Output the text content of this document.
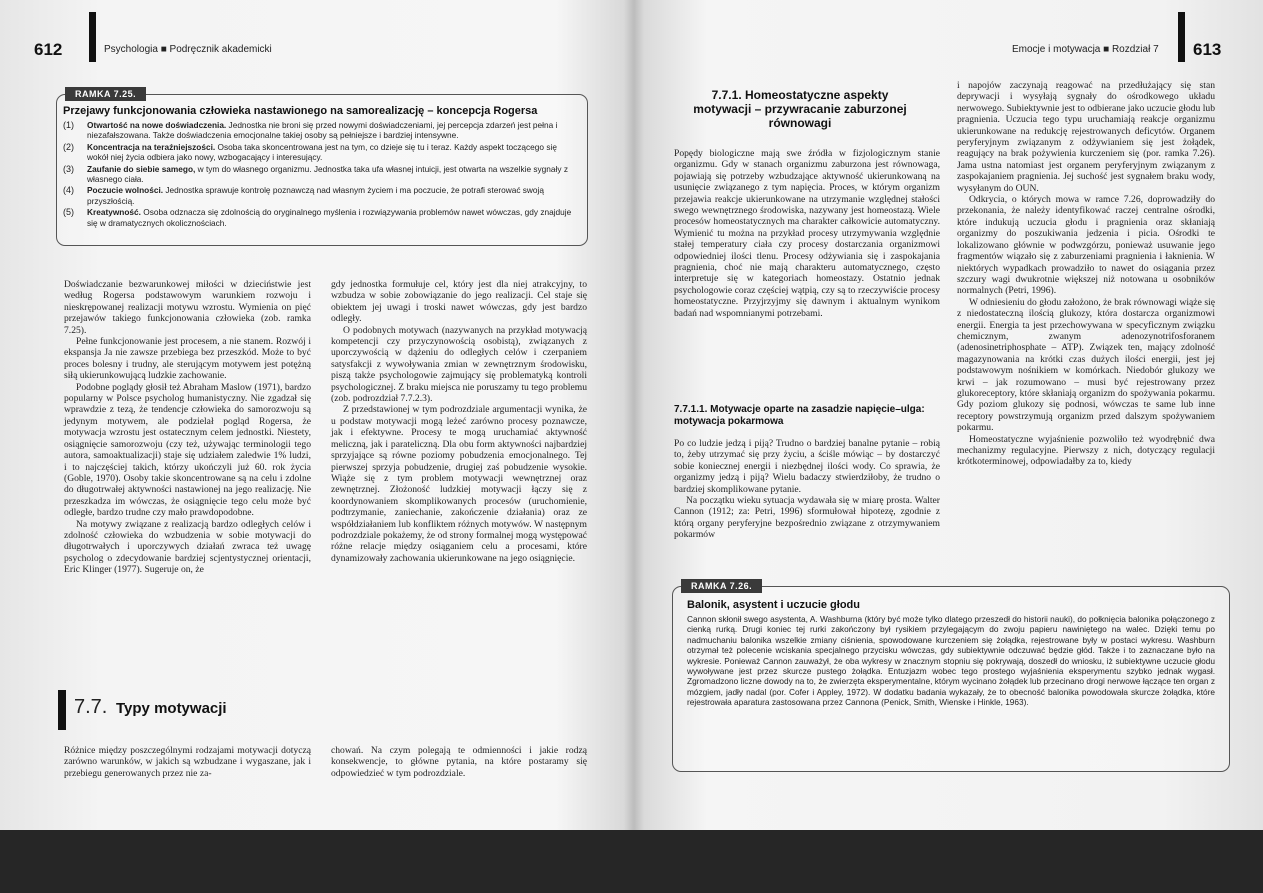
612	Psychologia ■ Podręcznik akademicki
RAMKA 7.25.
Przejawy funkcjonowania człowieka nastawionego na samorealizację – koncepcja Rogersa
(1) Otwartość na nowe doświadczenia. Jednostka nie broni się przed nowymi doświadczeniami, jej percepcja zdarzeń jest pełna i niezafałszowana. Także doświadczenia emocjonalne takiej osoby są pełniejsze i bardziej intensywne.
(2) Koncentracja na teraźniejszości. Osoba taka skoncentrowana jest na tym, co dzieje się tu i teraz. Każdy aspekt toczącego się wokół niej życia odbiera jako nowy, wzbogacający i interesujący.
(3) Zaufanie do siebie samego, w tym do własnego organizmu. Jednostka taka ufa własnej intuicji, jest otwarta na wszelkie sygnały z własnego ciała.
(4) Poczucie wolności. Jednostka sprawuje kontrolę poznawczą nad własnym życiem i ma poczucie, że potrafi sterować swoją przyszłością.
(5) Kreatywność. Osoba odznacza się zdolnością do oryginalnego myślenia i rozwiązywania problemów nawet wówczas, gdy znajduje się w dramatycznych okolicznościach.

Doświadczanie bezwarunkowej miłości w dzieciństwie jest według Rogersa podstawowym warunkiem rozwoju i nieskrępowanej realizacji motywu wzrostu. Wymienia on pięć przejawów takiego funkcjonowania człowieka (zob. ramka 7.25).

Pełne funkcjonowanie jest procesem, a nie stanem. Rozwój i ekspansja Ja nie zawsze przebiega bez przeszkód. Może to być proces bolesny i trudny, ale sterującym motywem jest potężną siłą ukierunkowującą ludzkie zachowanie.

Podobne poglądy głosił też Abraham Maslow (1971), bardzo popularny w Polsce psycholog humanistyczny. Nie zgadzał się wprawdzie z tezą, że tendencje człowieka do samorozwoju są jedynym motywem, ale podzielał pogląd Rogersa, że motywacja wzrostu jest ostatecznym celem jednostki. Niestety, osiągnięcie samorozwoju (czy też, używając terminologii tego autora, samoaktualizacji) staje się udziałem zaledwie 1% ludzi, i to najczęściej takich, którzy ukończyli już 60. rok życia (Goble, 1970). Osoby takie skoncentrowane są na celu i zdolne do długotrwałej aktywności nastawionej na jego realizację. Nie przeszkadza im wówczas, że osiągnięcie tego celu może być odległe, bardzo trudne czy mało prawdopodobne.

Na motywy związane z realizacją bardzo odległych celów i zdolność człowieka do wzbudzenia w sobie motywacji do długotrwałych i uporczywych działań zwraca też uwagę psycholog o zdecydowanie bardziej scjentystycznej orientacji, Eric Klinger (1977). Sugeruje on, że

gdy jednostka formułuje cel, który jest dla niej atrakcyjny, to wzbudza w sobie zobowiązanie do jego realizacji. Cel staje się obiektem jej uwagi i troski nawet wówczas, gdy jest bardzo odległy.

O podobnych motywach (nazywanych na przykład motywacją kompetencji czy przyczynowością osobistą), związanych z uporczywością w dążeniu do odległych celów i czerpaniem satysfakcji z wywoływania zmian w zewnętrznym środowisku, piszą także psychologowie zajmujący się problematyką kontroli psychologicznej. Z braku miejsca nie poruszamy tu tego problemu (zob. podrozdział 7.7.2.3).

Z przedstawionej w tym podrozdziale argumentacji wynika, że u podstaw motywacji mogą leżeć zarówno procesy poznawcze, jak i efektywne. Procesy te mogą uruchamiać aktywność meliczną, jak i parateliczną. Dla obu form aktywności najbardziej sprzyjające są równe poziomy pobudzenia emocjonalnego. Tej pierwszej sprzyja pobudzenie, drugiej zaś pobudzenie wysokie. Wiąże się z tym problem motywacji wewnętrznej oraz zewnętrznej. Złożoność ludzkiej motywacji łączy się z koordynowaniem skomplikowanych procesów (uruchomienie, podtrzymanie, zaniechanie, zakończenie działania) oraz ze współdziałaniem lub konfliktem różnych motywów. W następnym podrozdziale pokażemy, że od strony formalnej mogą występować różne relacje między osiąganiem celu a procesami, które dynamizowały zachowania ukierunkowane na jego osiągnięcie.

7.7. Typy motywacji

Różnice między poszczególnymi rodzajami motywacji dotyczą zarówno warunków, w jakich są wzbudzane i wygaszane, jak i przebiegu generowanych przez nie za-

chowań. Na czym polegają te odmienności i jakie rodzą konsekwencje, to główne pytania, na które postaramy się odpowiedzieć w tym podrozdziale.

Emocje i motywacja ■ Rozdział 7 613
7.7.1. Homeostatyczne aspekty motywacji – przywracanie zaburzonej równowagi

Popędy biologiczne mają swe źródła w fizjologicznym stanie organizmu. Gdy w stanach organizmu zaburzona jest równowaga, pojawiają się potrzeby wzbudzające aktywność ukierunkowaną na usunięcie związanego z tym napięcia. Proces, w którym organizm przejawia reakcje ukierunkowane na utrzymanie względnej stałości swego wewnętrznego środowiska, nazywany jest homeostazą. Wiele procesów homeostatycznych ma charakter całkowicie automatyczny. Wymienić tu można na przykład procesy utrzymywania względnie stałej temperatury ciała czy procesy dostarczania organizmowi odpowiedniej ilości tlenu. Procesy odżywiania się i zaspokajania pragnienia, choć nie mają charakteru automatycznego, często interpretuje się w kategoriach homeostazy. Ostatnio jednak psychologowie coraz częściej wątpią, czy są to rzeczywiście procesy homeostatyczne. Przyjrzyjmy się dawnym i aktualnym wynikom badań nad wspomnianymi potrzebami.

7.7.1.1. Motywacje oparte na zasadzie napięcie–ulga: motywacja pokarmowa

Po co ludzie jedzą i piją? Trudno o bardziej banalne pytanie – robią to, żeby utrzymać się przy życiu, a ściśle mówiąc – by dostarczyć sobie koniecznej energii i niezbędnej ilości wody. Co sprawia, że organizmy jedzą i piją? Wielu badaczy stwierdziłoby, że trudno o bardziej skomplikowane pytanie.

Na początku wieku sytuacja wydawała się w miarę prosta. Walter Cannon (1912; za: Petri, 1996) sformułował hipotezę, zgodnie z którą organy peryferyjne bezpośrednio związane z otrzymywaniem pokarmów

i napojów zaczynają reagować na przedłużający się stan deprywacji i wysyłają sygnały do ośrodkowego układu nerwowego. Subiektywnie jest to odbierane jako uczucie głodu lub pragnienia. Uczucia tego typu uruchamiają reakcje organizmu ukierunkowane na redukcję rejestrowanych deficytów. Organem peryferyjnym związanym z odżywianiem się jest żołądek, reagujący na brak pożywienia kurczeniem się (por. ramka 7.26). Jama ustna natomiast jest organem peryferyjnym związanym z zaspokajaniem pragnienia. Jej suchość jest sygnałem braku wody, wysyłanym do OUN.

Odkrycia, o których mowa w ramce 7.26, doprowadziły do przekonania, że należy identyfikować raczej centralne ośrodki, które indukują uczucia głodu i pragnienia oraz skłaniają organizmy do poszukiwania jedzenia i picia. Ośrodki te lokalizowano głównie w podwzgórzu, ponieważ usuwanie jego fragmentów wiązało się z zaburzeniami pragnienia i łaknienia. W niektórych wypadkach prowadziło to nawet do osiągania przez szczury wagi dwukrotnie większej niż notowana u osobników normalnych (Petri, 1996).

W odniesieniu do głodu założono, że brak równowagi wiąże się z niedostateczną ilością glukozy, która dostarcza organizmowi energii. Energia ta jest przechowywana w specyficznym związku chemicznym, zwanym adenozynotrifosforanem (adenosinetriphosphate – ATP). Związek ten, mający zdolność magazynowania na krótki czas dużych ilości energii, jest jej podstawowym nośnikiem w komórkach. Niedobór glukozy we krwi – jak rozumowano – musi być rejestrowany przez glukoreceptory, które skłaniają organizm do spożywania pokarmu. Gdy poziom glukozy się podnosi, wówczas te same lub inne receptory powstrzymują organizm przed dalszym spożywaniem pokarmu.

Homeostatyczne wyjaśnienie pozwoliło też wyodrębnić dwa mechanizmy regulacyjne. Pierwszy z nich, dotyczący regulacji krótkoterminowej, odpowiadałby za to, kiedy

RAMKA 7.26.
Balonik, asystent i uczucie głodu
Cannon skłonił swego asystenta, A. Washburna (który być może tylko dlatego przeszedł do historii nauki), do połknięcia balonika połączonego z cienką rurką. Drugi koniec tej rurki zakończony był rysikiem przylegającym do zwoju papieru nawiniętego na walec. Dzięki temu po nadmuchaniu balonika wszelkie zmiany ciśnienia, spowodowane kurczeniem się żołądka, rejestrowane były w postaci wykresu. Washburn otrzymał też polecenie wciskania specjalnego przycisku wówczas, gdy subiektywnie odczuwać będzie głód. Także i to zaznaczane było na wykresie. Ponieważ Cannon zauważył, że oba wykresy w znacznym stopniu się pokrywają, doszedł do wniosku, iż subiektywne uczucie głodu wywoływane jest przez skurcze pustego żołądka. Entuzjazm wobec tego prostego wyjaśnienia eksperymentu szybko jednak wygasł. Zgromadzono liczne dowody na to, że zwierzęta eksperymentalne, którym wycinano żołądek lub przecinano drogi nerwowe łączące ten organ z mózgiem, jadły nadal (por. Cofer i Appley, 1972). W dodatku badania wykazały, że to obecność balonika powodowała skurcze żołądka, które rejestrowała aparatura zastosowana przez Cannona (Penick, Smith, Wienske i Hinkle, 1963).
